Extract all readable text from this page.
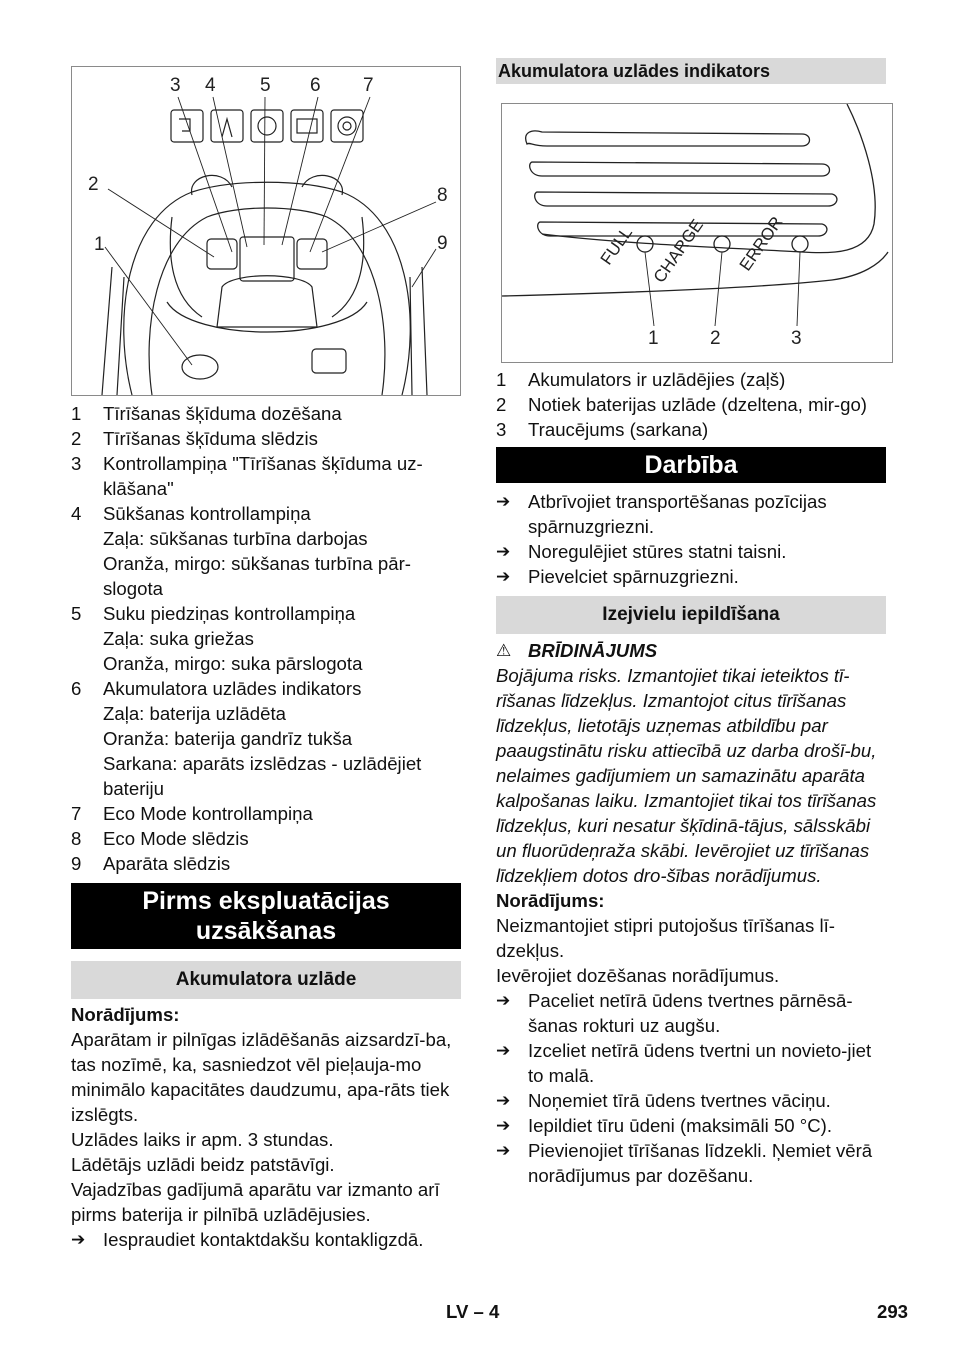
3 4 5 6 7
2
8
1	9
1	Tīrīšanas šķīduma dozēšana
2	Tīrīšanas šķīduma slēdzis
3	Kontrollampiņa "Tīrīšanas šķīduma uz-klāšana"
4	Sūkšanas kontrollampiņa
Zaļa: sūkšanas turbīna darbojas
Oranža, mirgo: sūkšanas turbīna pār-slogota
5	Suku piedziņas kontrollampiņa
Zaļa: suka griežas
Oranža, mirgo: suka pārslogota
6	Akumulatora uzlādes indikators
Zaļa: baterija uzlādēta
Oranža: baterija gandrīz tukša
Sarkana: aparāts izslēdzas - uzlādējiet bateriju
7	Eco Mode kontrollampiņa
8	Eco Mode slēdzis
9	Aparāta slēdzis
Pirms ekspluatācijas
uzsākšanas
Akumulatora uzlāde

Norādījums:

Aparātam ir pilnīgas izlādēšanās aizsardzī-ba, tas nozīmē, ka, sasniedzot vēl pieļauja-mo minimālo kapacitātes daudzumu, apa-rāts tiek izslēgts.

Uzlādes laiks ir apm. 3 stundas.

Lādētājs uzlādi beidz patstāvīgi.

Vajadzības gadījumā aparātu var izmanto arī pirms baterija ir pilnībā uzlādējusies.

➔ Iespraudiet kontaktdakšu kontakligzdā.
Akumulatora uzlādes indikators
FULL CHARGE ERROR
1	2	3
1	Akumulators ir uzlādējies (zaļš)
2	Notiek baterijas uzlāde (dzeltena, mir-go)
3	Traucējums (sarkana)
Darbība
➔ Atbrīvojiet transportēšanas pozīcijas spārnuzgriezni.
➔ Noregulējiet stūres statni taisni.
➔ Pievelciet spārnuzgriezni.
Izejvielu iepildīšana
⚠ BRĪDINĀJUMS

Bojājuma risks. Izmantojiet tikai ieteiktos tī-rīšanas līdzekļus. Izmantojot citus tīrīšanas līdzekļus, lietotājs uzņemas atbildību par paaugstinātu risku attiecībā uz darba drošī-bu, nelaimes gadījumiem un samazinātu aparāta kalpošanas laiku. Izmantojiet tikai tos tīrīšanas līdzekļus, kuri nesatur šķīdinā-tājus, sālsskābi un fluorūdeņraža skābi. Ievērojiet uz tīrīšanas līdzekļiem dotos dro-šības norādījumus.

Norādījums:

Neizmantojiet stipri putojošus tīrīšanas lī-dzekļus.

Ievērojiet dozēšanas norādījumus.

➔ Paceliet netīrā ūdens tvertnes pārnēsā-šanas rokturi uz augšu.
➔ Izceliet netīrā ūdens tvertni un novieto-jiet to malā.
➔ Noņemiet tīrā ūdens tvertnes vāciņu.
➔ Iepildiet tīru ūdeni (maksimāli 50 °C).
➔ Pievienojiet tīrīšanas līdzekli. Ņemiet vērā norādījumus par dozēšanu.
LV – 4	293
